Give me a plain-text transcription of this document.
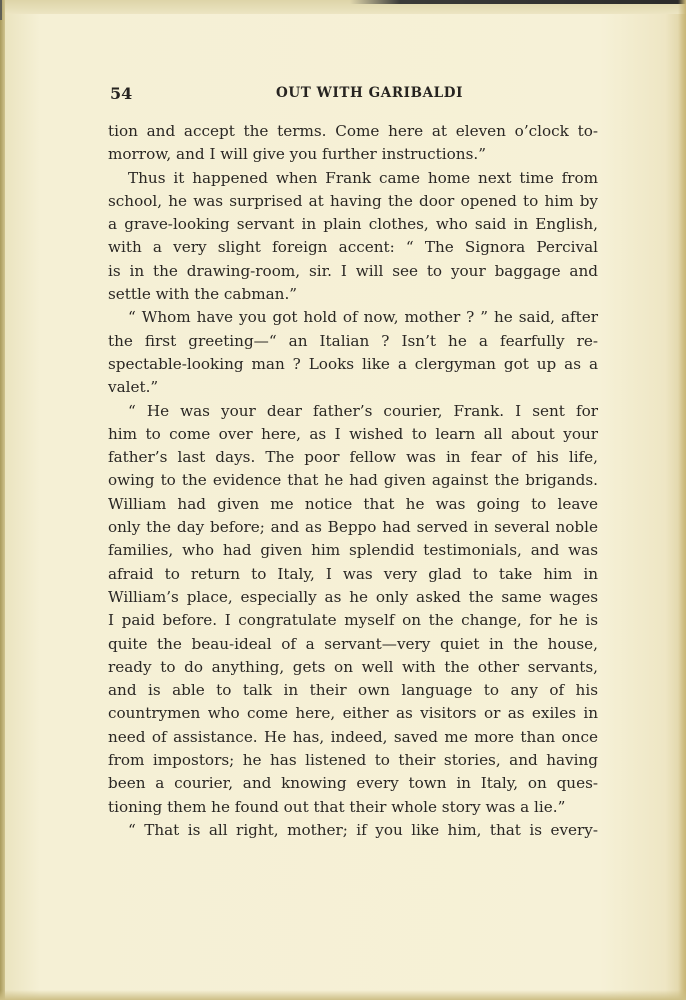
54	OUT WITH GARIBALDI
tion and accept the terms. Come here at eleven o’clock to-
morrow, and I will give you further instructions.”
Thus it happened when Frank came home next time from
school, he was surprised at having the door opened to him by
a grave-looking servant in plain clothes, who said in English,
with a very slight foreign accent: “ The Signora Percival
is in the drawing-room, sir. I will see to your baggage and
settle with the cabman.”
“ Whom have you got hold of now, mother ? ” he said, after
the first greeting—“ an Italian ? Isn’t he a fearfully re-
spectable-looking man ? Looks like a clergyman got up as a
valet.”
“ He was your dear father’s courier, Frank. I sent for
him to come over here, as I wished to learn all about your
father’s last days. The poor fellow was in fear of his life,
owing to the evidence that he had given against the brigands.
William had given me notice that he was going to leave
only the day before; and as Beppo had served in several noble
families, who had given him splendid testimonials, and was
afraid to return to Italy, I was very glad to take him in
William’s place, especially as he only asked the same wages
I paid before. I congratulate myself on the change, for he is
quite the beau-ideal of a servant—very quiet in the house,
ready to do anything, gets on well with the other servants,
and is able to talk in their own language to any of his
countrymen who come here, either as visitors or as exiles in
need of assistance. He has, indeed, saved me more than once
from impostors; he has listened to their stories, and having
been a courier, and knowing every town in Italy, on ques-
tioning them he found out that their whole story was a lie.”
“ That is all right, mother; if you like him, that is every-
